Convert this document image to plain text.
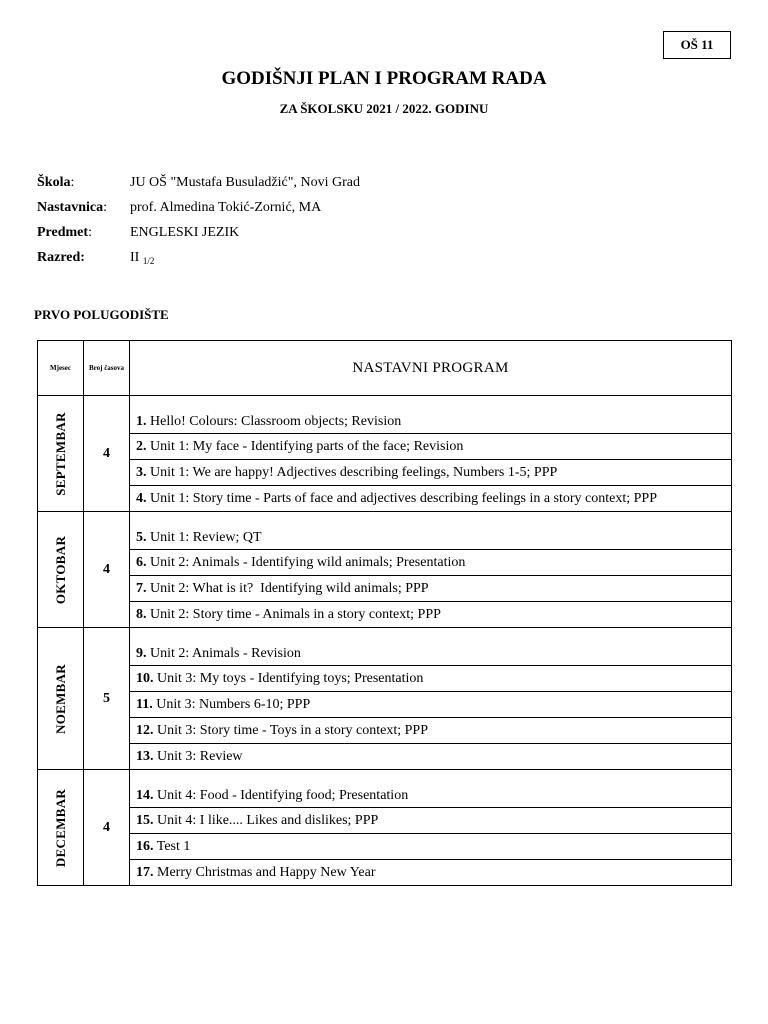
OŠ 11
GODIŠNJI PLAN I PROGRAM RADA
ZA ŠKOLSKU 2021 / 2022. GODINU
Škola:	JU OŠ "Mustafa Busuladžić", Novi Grad
Nastavnica:	prof. Almedina Tokić-Zornić, MA
Predmet:	ENGLESKI JEZIK
Razred:	II $_{1/2}$
PRVO POLUGODIŠTE
Mjesec	Broj časova	NASTAVNI PROGRAM

SEPTEMBAR	4	1. Hello! Colours: Classroom objects; Revision
		2. Unit 1: My face - Identifying parts of the face; Revision
		3. Unit 1: We are happy! Adjectives describing feelings, Numbers 1-5; PPP
		4. Unit 1: Story time - Parts of face and adjectives describing feelings in a story context; PPP

OKTOBAR	4	5. Unit 1: Review; QT
		6. Unit 2: Animals - Identifying wild animals; Presentation
		7. Unit 2: What is it?  Identifying wild animals; PPP
		8. Unit 2: Story time - Animals in a story context; PPP

NOEMBAR	5	9. Unit 2: Animals - Revision
		10. Unit 3: My toys - Identifying toys; Presentation
		11. Unit 3: Numbers 6-10; PPP
		12. Unit 3: Story time - Toys in a story context; PPP
		13. Unit 3: Review

DECEMBAR	4	14. Unit 4: Food - Identifying food; Presentation
		15. Unit 4: I like.... Likes and dislikes; PPP
		16. Test 1
		17. Merry Christmas and Happy New Year
